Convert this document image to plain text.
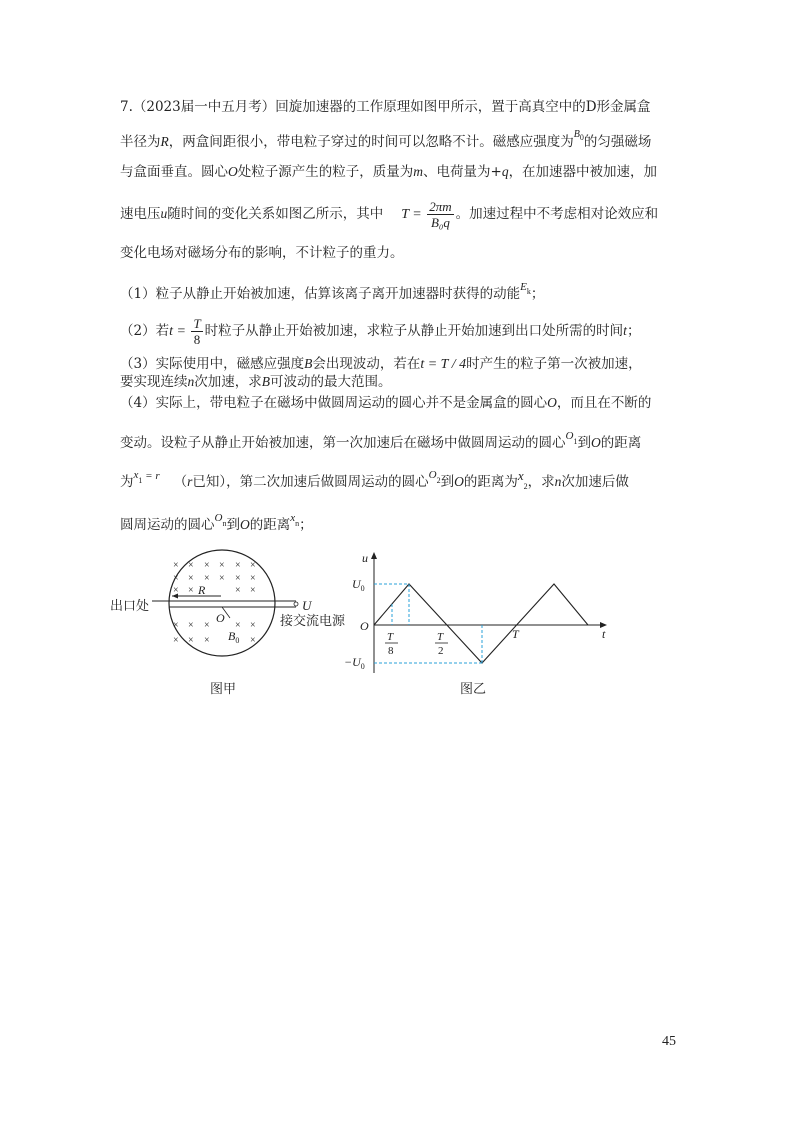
7.（2023届一中五月考）回旋加速器的工作原理如图甲所示，置于高真空中的D形金属盒
半径为R，两盒间距很小，带电粒子穿过的时间可以忽略不计。磁感应强度为$^{B0}$的匀强磁场
与盒面垂直。圆心O处粒子源产生的粒子，质量为m、电荷量为+q，在加速器中被加速，加
速电压u随时间的变化关系如图乙所示，其中 $T = \frac{2\pi m}{\text{B₀q}}$ 。加速过程中不考虑相对论效应和
变化电场对磁场分布的影响，不计粒子的重力。
（1）粒子从静止开始被加速，估算该离子离开加速器时获得的动能$^{Ek}$；
（2）若$t = \frac{T}{8}$ 时粒子从静止开始被加速，求粒子从静止开始加速到出口处所需的时间t；
（3）实际使用中，磁感应强度B会出现波动，若在t = T / 4时产生的粒子第一次被加速，
要实现连续n次加速，求B可波动的最大范围。
（4）实际上，带电粒子在磁场中做圆周运动的圆心并不是金属盒的圆心O，而且在不断的
变动。设粒子从静止开始被加速，第一次加速后在磁场中做圆周运动的圆心$^{O1}$到O的距离
为$^{x1}$ $^{= r}$ （r已知），第二次加速后做圆周运动的圆心$^{O2}$到O的距离为$x_2$，求n次加速后做
圆周运动的圆心$^{On}$到O的距离$^{xn}$；
× × × × × ×
× × × × × ×
× ×	× ×
× × ×	× ×
× × ×	×
出口处
R
O
$B_0$
U
接交流电源
图甲
u
t
$U_0$
$-U_0$
O
T
8
T
2
T
图乙
45
